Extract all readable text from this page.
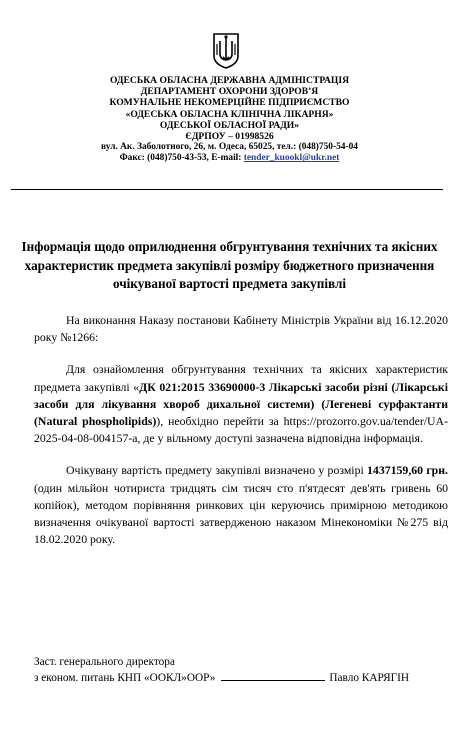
ОДЕСЬКА ОБЛАСНА ДЕРЖАВНА АДМІНІСТРАЦІЯ
ДЕПАРТАМЕНТ ОХОРОНИ ЗДОРОВ’Я
КОМУНАЛЬНЕ НЕКОМЕРЦІЙНЕ ПІДПРИЄМСТВО
«ОДЕСЬКА ОБЛАСНА КЛІНІЧНА ЛІКАРНЯ»
ОДЕСЬКОЇ ОБЛАСНОЇ РАДИ»
ЄДРПОУ – 01998526
вул. Ак. Заболотного, 26, м. Одеса, 65025, тел.: (048)750-54-04
Факс: (048)750-43-53, E-mail: tender_kuookl@ukr.net
Інформація щодо оприлюднення обгрунтування технічних та якісних характеристик предмета закупівлі розміру бюджетного призначення очікуваної вартості предмета закупівлі

На виконання Наказу постанови Кабінету Міністрів України від 16.12.2020 року №1266:

Для ознайомлення обгрунтування технічних та якісних характеристик предмета закупівлі «ДК 021:2015 33690000-3 Лікарські засоби різні (Лікарські засоби для лікування хвороб дихальної системи) (Легеневі сурфактанти (Natural phospholipids)), необхідно перейти за https://prozorro.gov.ua/tender/UA-2025-04-08-004157-a, де у вільному доступі зазначена відповідна інформація.

Очікувану вартість предмету закупівлі визначено у розмірі 1437159,60 грн. (один мільйон чотириста тридцять сім тисяч сто п'ятдесят дев'ять гривень 60 копійок), методом порівняння ринкових цін керуючись примірною методикою визначення очікуваної вартості затвердженою наказом Мінекономіки №275 від 18.02.2020 року.

Заст. генерального директора
з економ. питань КНП «ООКЛ»ООР»	Павло КАРЯГІН
